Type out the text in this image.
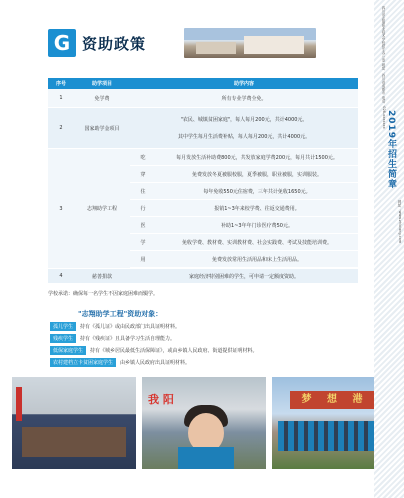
G 资助政策
序号	助学项目	助学内容
1	免学费	所有专业学费全免。
2	国家助学金项目
"农民、城镇贫困家庭"，每人每月200元，共计4000元。
其中学生每月生活费补贴，每人每月200元，共计4000元。
3	志翔助学工程
吃	每月发放生活补助费800元，共发放家庭学费200元，每月共计1500元。
穿	免费发放冬夏被服校服，夏季被服，职业被服，实训服装。
住	每年免收550元住宿费，三年共计免收1650元。
行	报销1~3年来校学费、往返交通费用。
医	补助1~3年年门诊医疗费50元。
学	免收学费、教材费、实训教材费、社会实践费、考试及技能培训费。
用	免费发放常用生活用品和床上生活用品。
4	慈善捐款	家庭经济特别困难的学生，可申请一定额度资助。
学校承诺：确保每一名学生不因家庭困难而辍学。
"志翔助学工程"资助对象：
孤儿学生	持有《孤儿证》或由民政部门出具证明材料。
残疾学生	持有《残疾证》且具备学习生活自理能力。
低保家庭学生	持有《城乡居民最低生活保障证》，或由乡镇人民政府、街道提供证明材料。
农村建档立卡贫困家庭学生	由乡镇人民政府出具证明材料。
我 阳	梦 想 港
四川省志翔职业技术学校招生办公室 地址：四川省成都市 电话：028-xxxxxxx
2019年招生简章
网址：www.zhixiang.com
